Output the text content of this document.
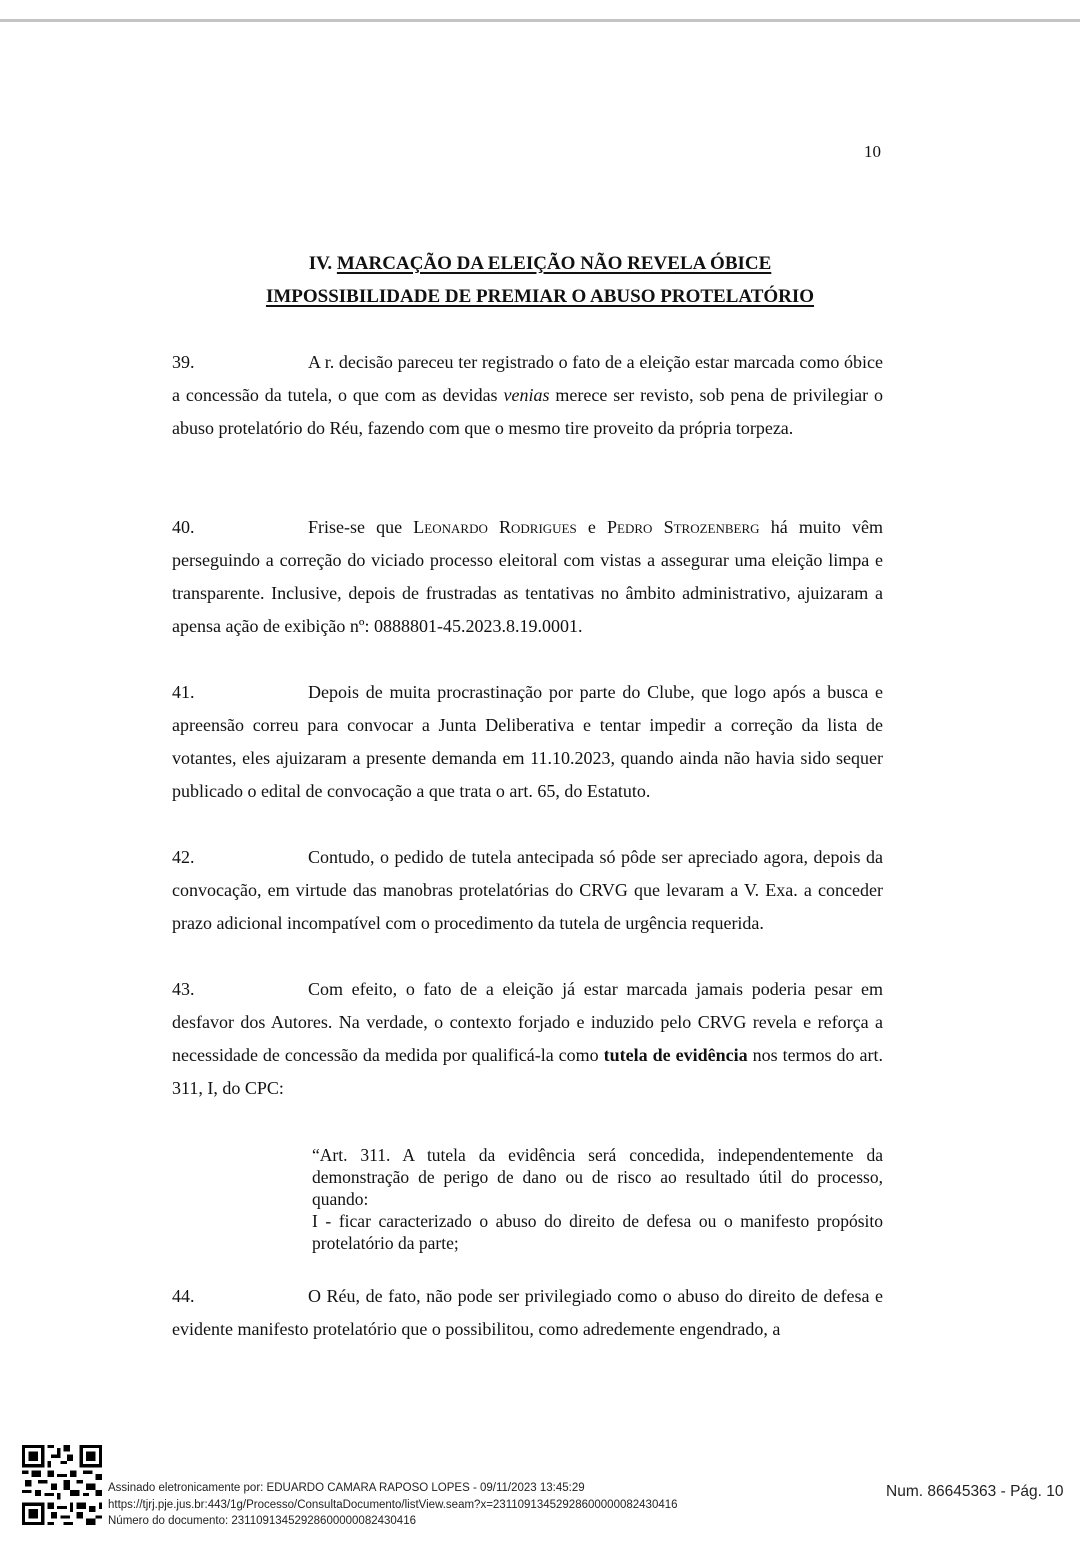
10
IV. MARCAÇÃO DA ELEIÇÃO NÃO REVELA ÓBICE
IMPOSSIBILIDADE DE PREMIAR O ABUSO PROTELATÓRIO
39.	A r. decisão pareceu ter registrado o fato de a eleição estar marcada como óbice a concessão da tutela, o que com as devidas venias merece ser revisto, sob pena de privilegiar o abuso protelatório do Réu, fazendo com que o mesmo tire proveito da própria torpeza.
40.	Frise-se que Leonardo Rodrigues e Pedro Strozenberg há muito vêm perseguindo a correção do viciado processo eleitoral com vistas a assegurar uma eleição limpa e transparente. Inclusive, depois de frustradas as tentativas no âmbito administrativo, ajuizaram a apensa ação de exibição nº: 0888801-45.2023.8.19.0001.
41.	Depois de muita procrastinação por parte do Clube, que logo após a busca e apreensão correu para convocar a Junta Deliberativa e tentar impedir a correção da lista de votantes, eles ajuizaram a presente demanda em 11.10.2023, quando ainda não havia sido sequer publicado o edital de convocação a que trata o art. 65, do Estatuto.
42.	Contudo, o pedido de tutela antecipada só pôde ser apreciado agora, depois da convocação, em virtude das manobras protelatórias do CRVG que levaram a V. Exa. a conceder prazo adicional incompatível com o procedimento da tutela de urgência requerida.
43.	Com efeito, o fato de a eleição já estar marcada jamais poderia pesar em desfavor dos Autores. Na verdade, o contexto forjado e induzido pelo CRVG revela e reforça a necessidade de concessão da medida por qualificá-la como tutela de evidência nos termos do art. 311, I, do CPC:
“Art. 311. A tutela da evidência será concedida, independentemente da demonstração de perigo de dano ou de risco ao resultado útil do processo, quando:
I - ficar caracterizado o abuso do direito de defesa ou o manifesto propósito protelatório da parte;
44.	O Réu, de fato, não pode ser privilegiado como o abuso do direito de defesa e evidente manifesto protelatório que o possibilitou, como adredemente engendrado, a
Assinado eletronicamente por: EDUARDO CAMARA RAPOSO LOPES - 09/11/2023 13:45:29
https://tjrj.pje.jus.br:443/1g/Processo/ConsultaDocumento/listView.seam?x=23110913452928600000082430416
Número do documento: 23110913452928600000082430416
Num. 86645363 - Pág. 10
